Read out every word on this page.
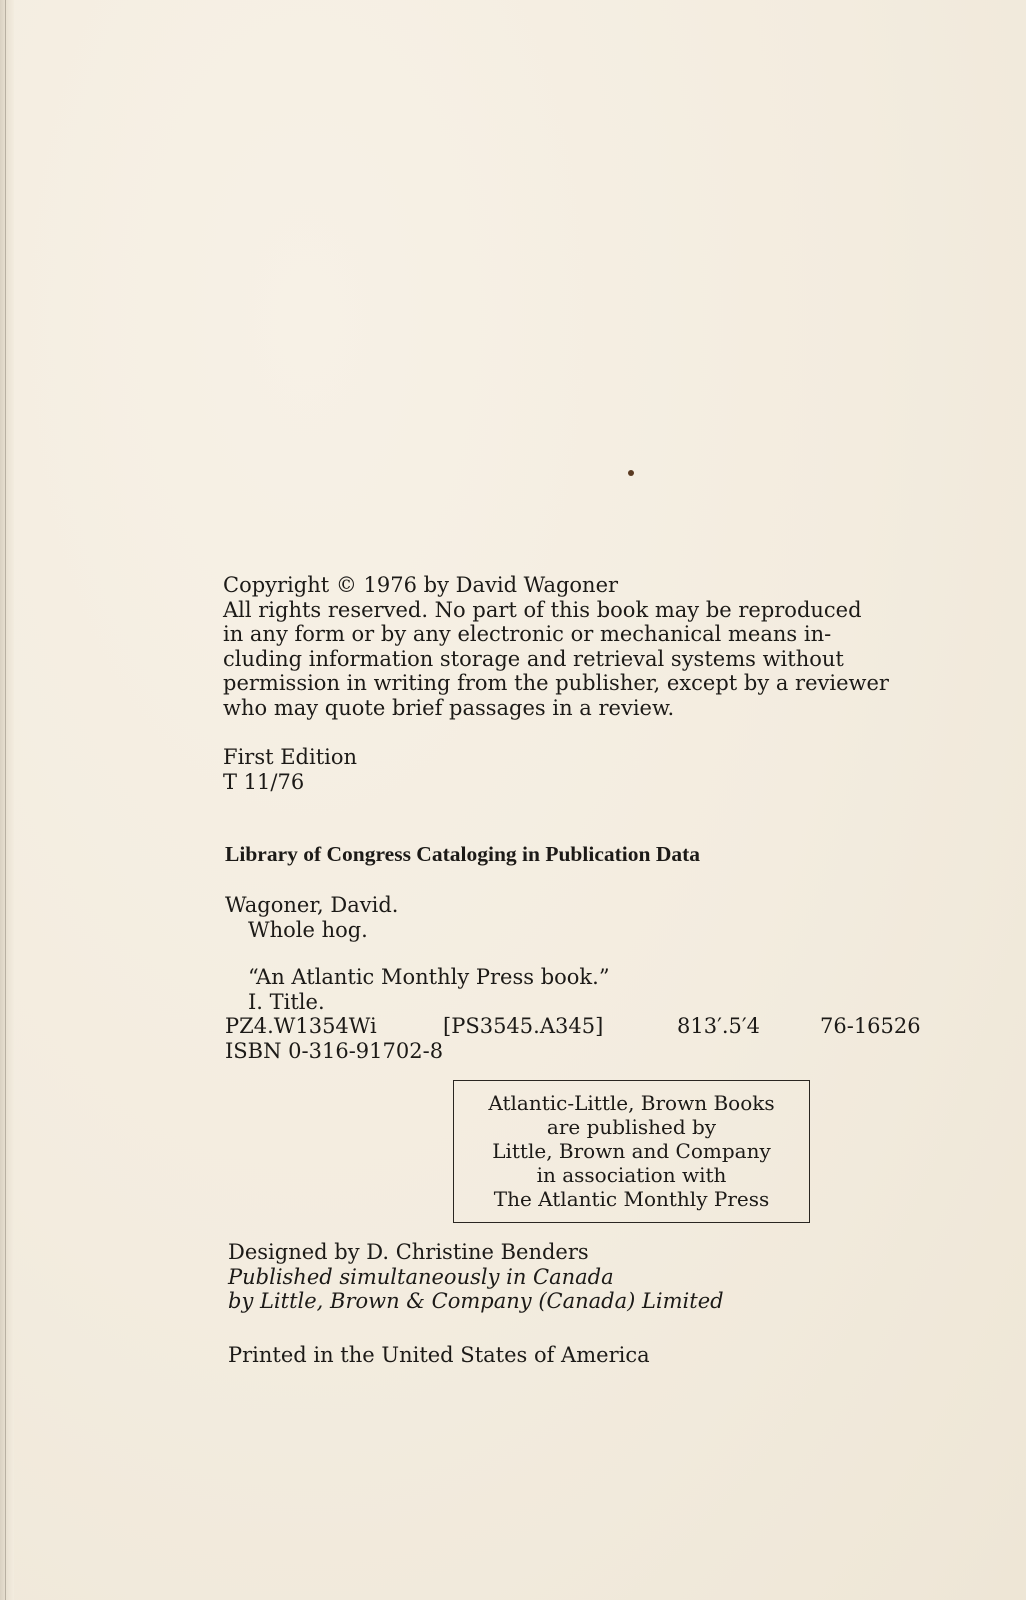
Copyright © 1976 by David Wagoner
All rights reserved. No part of this book may be reproduced
in any form or by any electronic or mechanical means in-
cluding information storage and retrieval systems without
permission in writing from the publisher, except by a reviewer
who may quote brief passages in a review.
First Edition
T 11/76
Library of Congress Cataloging in Publication Data
Wagoner, David.
Whole hog.
“An Atlantic Monthly Press book.”
I. Title.
PZ4.W1354Wi	[PS3545.A345]	813′.5′4	76-16526
ISBN 0-316-91702-8
Atlantic-Little, Brown Books
are published by
Little, Brown and Company
in association with
The Atlantic Monthly Press
Designed by D. Christine Benders
Published simultaneously in Canada
by Little, Brown & Company (Canada) Limited
Printed in the United States of America
